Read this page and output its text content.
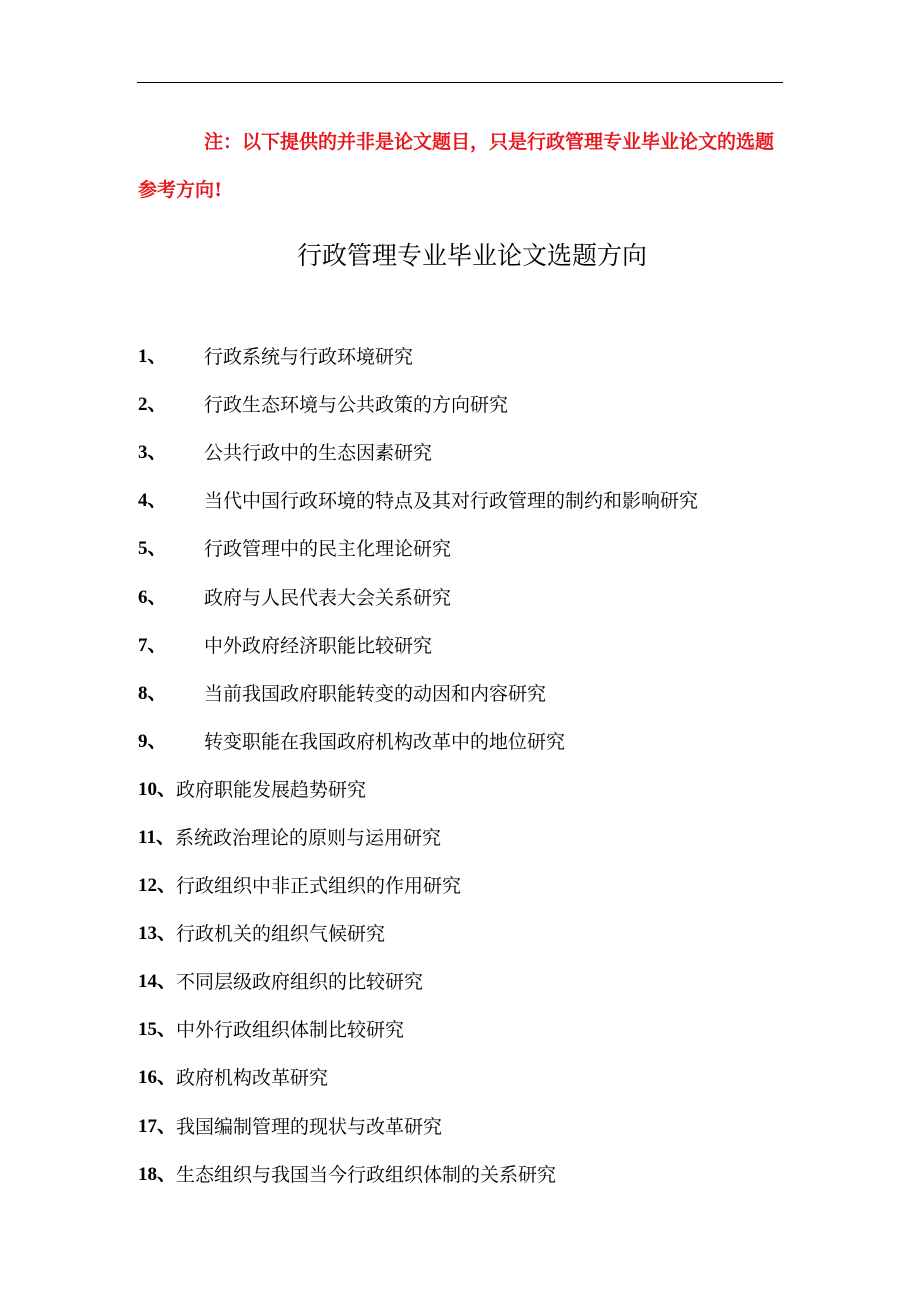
注：以下提供的并非是论文题目，只是行政管理专业毕业论文的选题参考方向!

行政管理专业毕业论文选题方向
1、	行政系统与行政环境研究
2、	行政生态环境与公共政策的方向研究
3、	公共行政中的生态因素研究
4、	当代中国行政环境的特点及其对行政管理的制约和影响研究
5、	行政管理中的民主化理论研究
6、	政府与人民代表大会关系研究
7、	中外政府经济职能比较研究
8、	当前我国政府职能转变的动因和内容研究
9、	转变职能在我国政府机构改革中的地位研究
10、 政府职能发展趋势研究
11、 系统政治理论的原则与运用研究
12、 行政组织中非正式组织的作用研究
13、 行政机关的组织气候研究
14、 不同层级政府组织的比较研究
15、 中外行政组织体制比较研究
16、 政府机构改革研究
17、 我国编制管理的现状与改革研究
18、 生态组织与我国当今行政组织体制的关系研究
